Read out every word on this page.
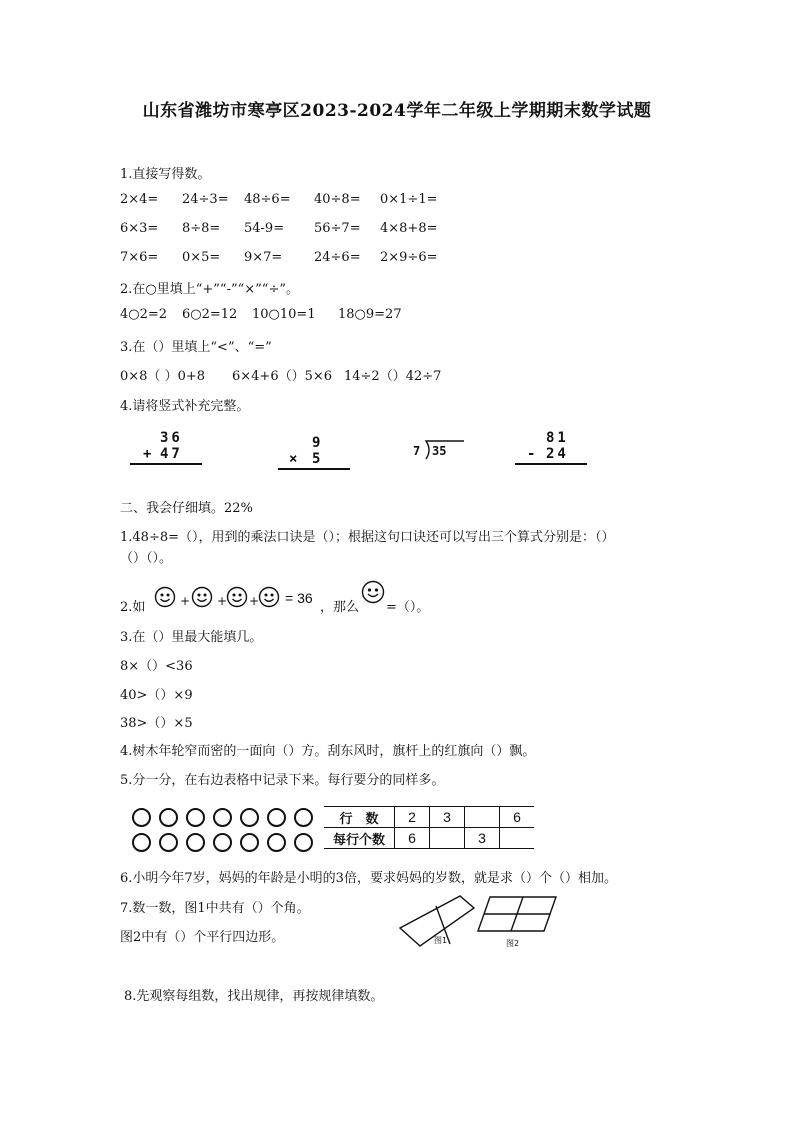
山东省潍坊市寒亭区2023-2024学年二年级上学期期末数学试题
1.直接写得数。
2×4= 24÷3= 48÷6= 40÷8= 0×1÷1=
6×3= 8÷8= 54-9= 56÷7= 4×8+8=
7×6= 0×5= 9×7= 24÷6= 2×9÷6=
2.在○里填上“+”“-”“×”“÷”。
4○2=2 6○2=12 10○10=1 18○9=27
3.在（）里填上“<”、“=”
0×8（ ）0+8 6×4+6（）5×6 14÷2（）42÷7
4.请将竖式补充完整。
36
+ 47
9
× 5	7 35
81
- 24
二、我会仔细填。22%
1.48÷8=（），用到的乘法口诀是（）；根据这句口诀还可以写出三个算式分别是：（）
（）（）。
2.如	+ + + = 36
，那么 =（）。
3.在（）里最大能填几。
8×（）<36
40>（）×9
38>（）×5
4.树木年轮窄而密的一面向（）方。刮东风时，旗杆上的红旗向（）飘。
5.分一分，在右边表格中记录下来。每行要分的同样多。
行　数	2	3		6
每行个数	6		3	
6.小明今年7岁，妈妈的年龄是小明的3倍，要求妈妈的岁数，就是求（）个（）相加。
7.数一数，图1中共有（）个角。
图2中有（）个平行四边形。	图1	图2
8.先观察每组数，找出规律，再按规律填数。
